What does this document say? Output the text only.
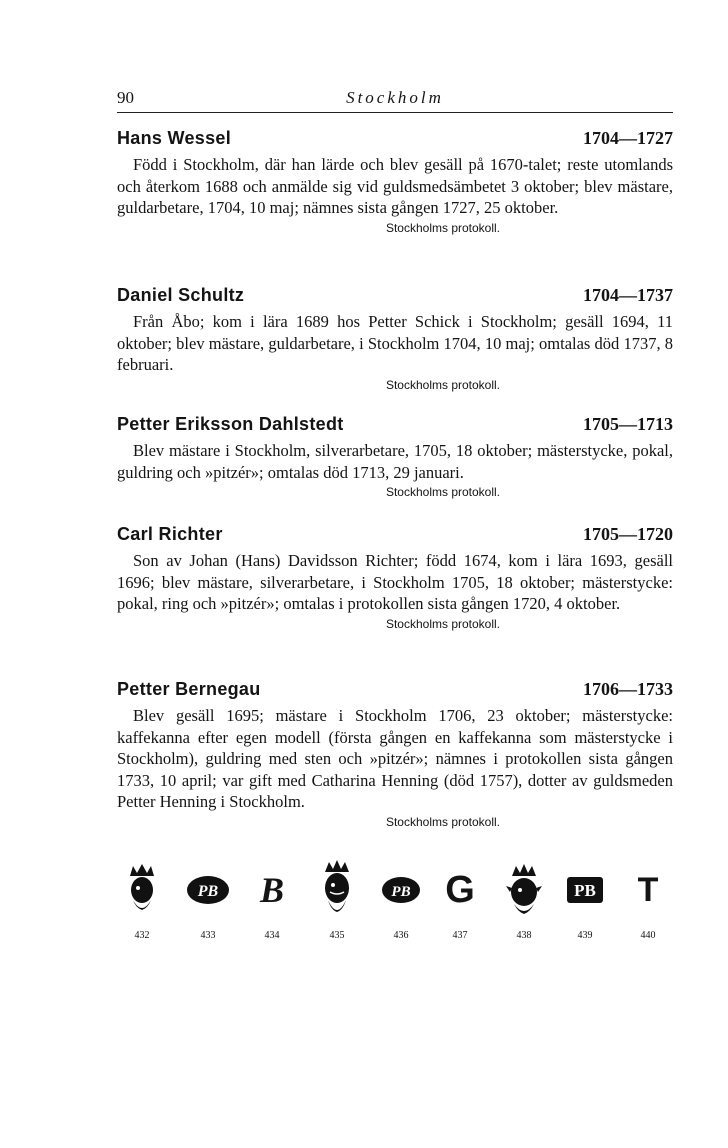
90	Stockholm
Hans Wessel	1704—1727

Född i Stockholm, där han lärde och blev gesäll på 1670-talet; reste utomlands och återkom 1688 och anmälde sig vid guldsmedsämbetet 3 oktober; blev mästare, guldarbetare, 1704, 10 maj; nämnes sista gången 1727, 25 oktober.

Stockholms protokoll.
Daniel Schultz	1704—1737

Från Åbo; kom i lära 1689 hos Petter Schick i Stockholm; gesäll 1694, 11 oktober; blev mästare, guldarbetare, i Stockholm 1704, 10 maj; omtalas död 1737, 8 februari.

Stockholms protokoll.
Petter Eriksson Dahlstedt	1705—1713

Blev mästare i Stockholm, silverarbetare, 1705, 18 oktober; mästerstycke, pokal, guldring och »pitzér»; omtalas död 1713, 29 januari.

Stockholms protokoll.
Carl Richter	1705—1720

Son av Johan (Hans) Davidsson Richter; född 1674, kom i lära 1693, gesäll 1696; blev mästare, silverarbetare, i Stockholm 1705, 18 oktober; mästerstycke: pokal, ring och »pitzér»; omtalas i protokollen sista gången 1720, 4 oktober.

Stockholms protokoll.
Petter Bernegau	1706—1733

Blev gesäll 1695; mästare i Stockholm 1706, 23 oktober; mästerstycke: kaffekanna efter egen modell (första gången en kaffekanna som mästerstycke i Stockholm), guldring med sten och »pitzér»; nämnes i protokollen sista gången 1733, 10 april; var gift med Catharina Henning (död 1757), dotter av guldsmeden Petter Henning i Stockholm.

Stockholms protokoll.
432
PB
433
B
434	435
PB
436
G
437	438
PB
439
T
440
